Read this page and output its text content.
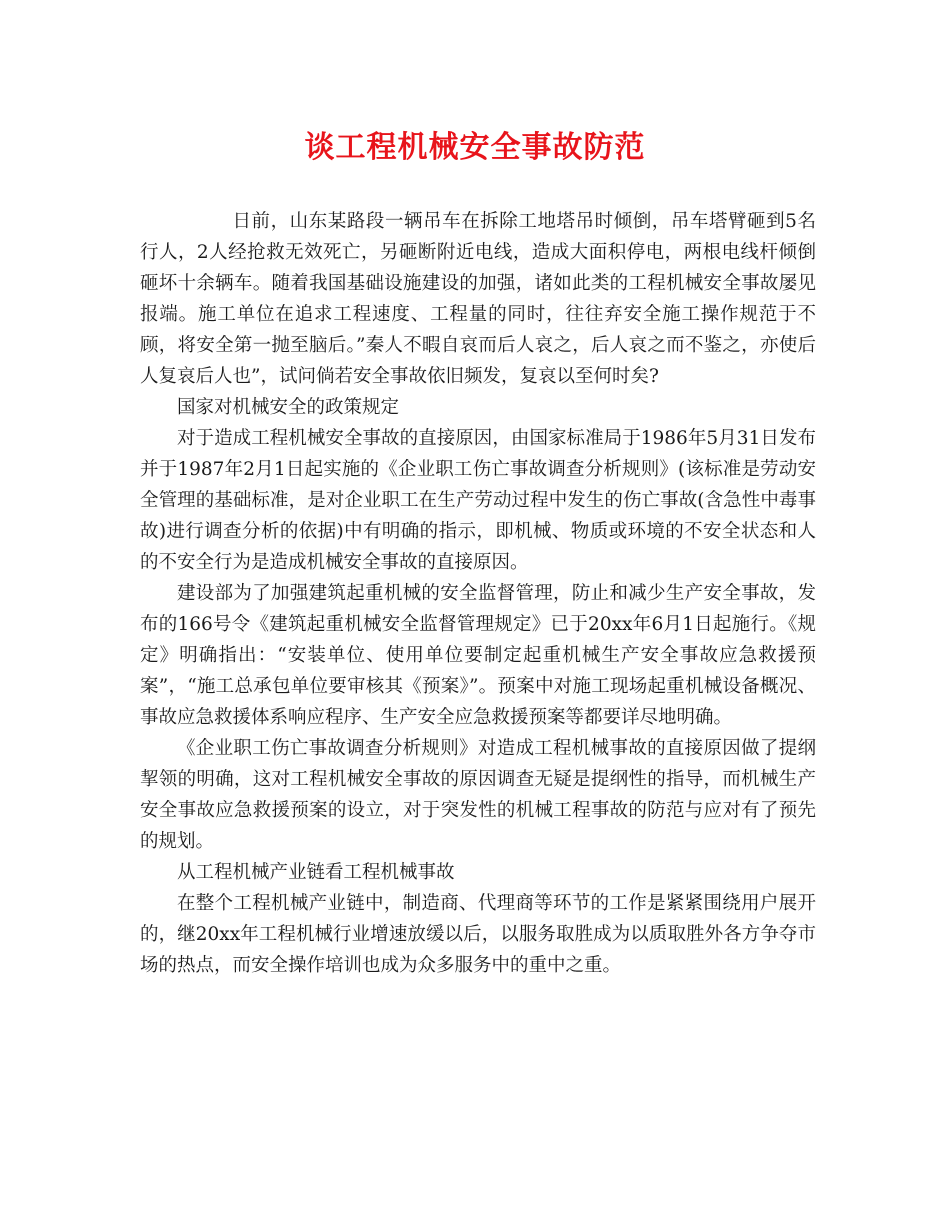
谈工程机械安全事故防范

日前，山东某路段一辆吊车在拆除工地塔吊时倾倒，吊车塔臂砸到5名行人，2人经抢救无效死亡，另砸断附近电线，造成大面积停电，两根电线杆倾倒砸坏十余辆车。随着我国基础设施建设的加强，诸如此类的工程机械安全事故屡见报端。施工单位在追求工程速度、工程量的同时，往往弃安全施工操作规范于不顾，将安全第一抛至脑后。”秦人不暇自哀而后人哀之，后人哀之而不鉴之，亦使后人复哀后人也”，试问倘若安全事故依旧频发，复哀以至何时矣?

国家对机械安全的政策规定

对于造成工程机械安全事故的直接原因，由国家标准局于1986年5月31日发布并于1987年2月1日起实施的《企业职工伤亡事故调查分析规则》(该标准是劳动安全管理的基础标准，是对企业职工在生产劳动过程中发生的伤亡事故(含急性中毒事故)进行调查分析的依据)中有明确的指示，即机械、物质或环境的不安全状态和人的不安全行为是造成机械安全事故的直接原因。

建设部为了加强建筑起重机械的安全监督管理，防止和减少生产安全事故，发布的166号令《建筑起重机械安全监督管理规定》已于20xx年6月1日起施行。《规定》明确指出：“安装单位、使用单位要制定起重机械生产安全事故应急救援预案”，“施工总承包单位要审核其《预案》”。预案中对施工现场起重机械设备概况、事故应急救援体系响应程序、生产安全应急救援预案等都要详尽地明确。

《企业职工伤亡事故调查分析规则》对造成工程机械事故的直接原因做了提纲挈领的明确，这对工程机械安全事故的原因调查无疑是提纲性的指导，而机械生产安全事故应急救援预案的设立，对于突发性的机械工程事故的防范与应对有了预先的规划。

从工程机械产业链看工程机械事故

在整个工程机械产业链中，制造商、代理商等环节的工作是紧紧围绕用户展开的，继20xx年工程机械行业增速放缓以后，以服务取胜成为以质取胜外各方争夺市场的热点，而安全操作培训也成为众多服务中的重中之重。
